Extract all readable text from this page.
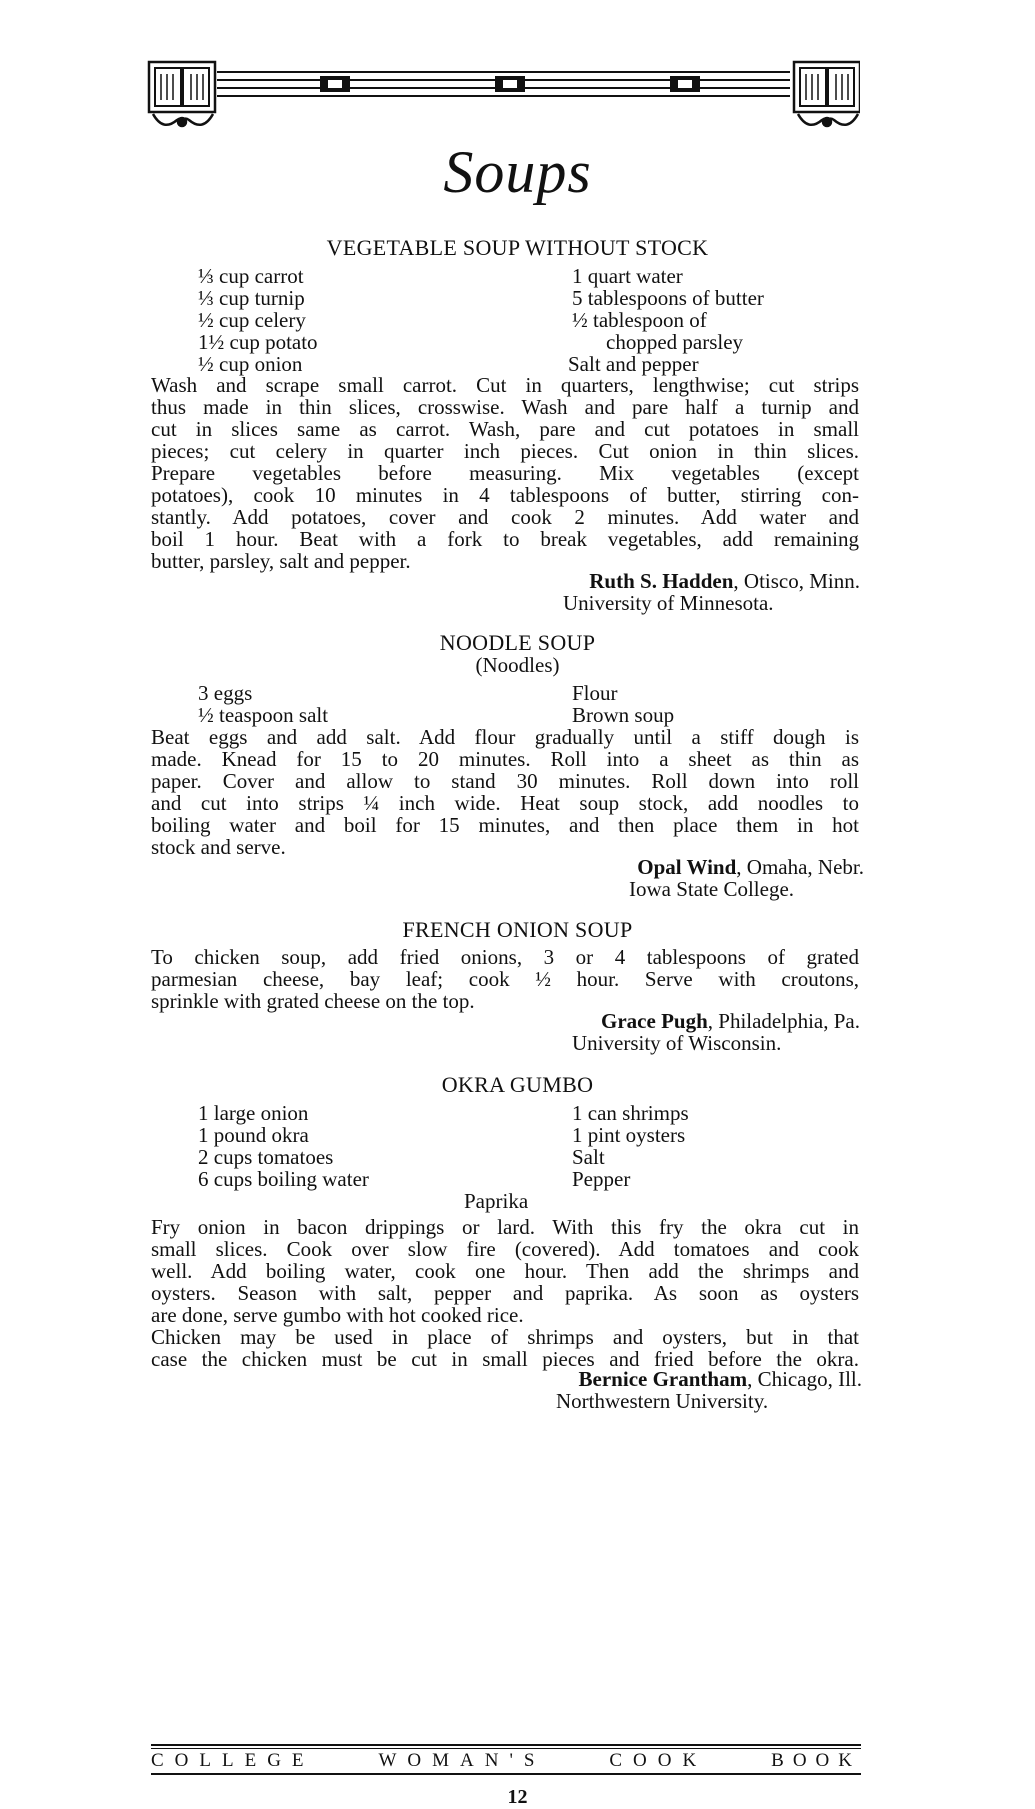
Soups
VEGETABLE SOUP WITHOUT STOCK
⅓ cup carrot
⅓ cup turnip
½ cup celery
1½ cup potato
½ cup onion
1 quart water
5 tablespoons of butter
½ tablespoon of
chopped parsley
Salt and pepper
Wash and scrape small carrot. Cut in quarters, lengthwise; cut strips
thus made in thin slices, crosswise. Wash and pare half a turnip and
cut in slices same as carrot. Wash, pare and cut potatoes in small
pieces; cut celery in quarter inch pieces. Cut onion in thin slices.
Prepare vegetables before measuring. Mix vegetables (except
potatoes), cook 10 minutes in 4 tablespoons of butter, stirring con-
stantly. Add potatoes, cover and cook 2 minutes. Add water and
boil 1 hour. Beat with a fork to break vegetables, add remaining
butter, parsley, salt and pepper.
Ruth S. Hadden, Otisco, Minn.
University of Minnesota.
NOODLE SOUP
(Noodles)
3 eggs
½ teaspoon salt
Flour
Brown soup
Beat eggs and add salt. Add flour gradually until a stiff dough is
made. Knead for 15 to 20 minutes. Roll into a sheet as thin as
paper. Cover and allow to stand 30 minutes. Roll down into roll
and cut into strips ¼ inch wide. Heat soup stock, add noodles to
boiling water and boil for 15 minutes, and then place them in hot
stock and serve.
Opal Wind, Omaha, Nebr.
Iowa State College.
FRENCH ONION SOUP
To chicken soup, add fried onions, 3 or 4 tablespoons of grated
parmesian cheese, bay leaf; cook ½ hour. Serve with croutons,
sprinkle with grated cheese on the top.
Grace Pugh, Philadelphia, Pa.
University of Wisconsin.
OKRA GUMBO
1 large onion
1 pound okra
2 cups tomatoes
6 cups boiling water
1 can shrimps
1 pint oysters
Salt
Pepper
Paprika
Fry onion in bacon drippings or lard. With this fry the okra cut in
small slices. Cook over slow fire (covered). Add tomatoes and cook
well. Add boiling water, cook one hour. Then add the shrimps and
oysters. Season with salt, pepper and paprika. As soon as oysters
are done, serve gumbo with hot cooked rice.
Chicken may be used in place of shrimps and oysters, but in that
case the chicken must be cut in small pieces and fried before the okra.
Bernice Grantham, Chicago, Ill.
Northwestern University.
COLLEGE	WOMAN'S	COOK	BOOK
12
